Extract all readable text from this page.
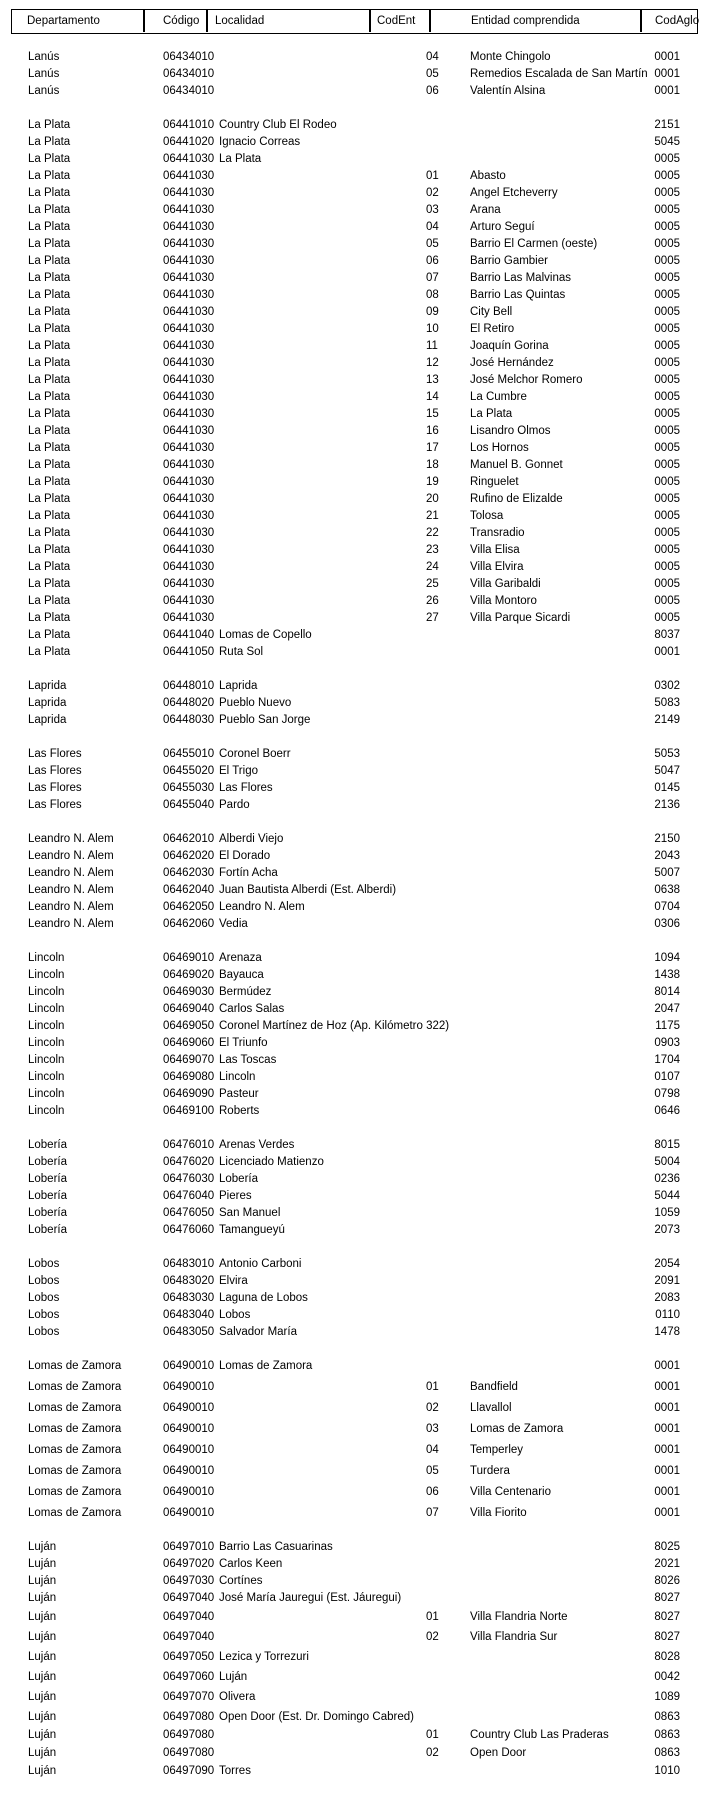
Departamento	Código Localidad	CodEnt	Entidad comprendida	CodAglo
Lanús	06434010	04	Monte Chingolo	0001
Lanús	06434010	05	Remedios Escalada de San Martín 0001
Lanús	06434010	06	Valentín Alsina	0001
La Plata	06441010 Country Club El Rodeo	2151
La Plata	06441020 Ignacio Correas	5045
La Plata	06441030 La Plata	0005
La Plata	06441030	01	Abasto	0005
La Plata	06441030	02	Angel Etcheverry	0005
La Plata	06441030	03	Arana	0005
La Plata	06441030	04	Arturo Seguí	0005
La Plata	06441030	05	Barrio El Carmen (oeste)	0005
La Plata	06441030	06	Barrio Gambier	0005
La Plata	06441030	07	Barrio Las Malvinas	0005
La Plata	06441030	08	Barrio Las Quintas	0005
La Plata	06441030	09	City Bell	0005
La Plata	06441030	10	El Retiro	0005
La Plata	06441030	11	Joaquín Gorina	0005
La Plata	06441030	12	José Hernández	0005
La Plata	06441030	13	José Melchor Romero	0005
La Plata	06441030	14	La Cumbre	0005
La Plata	06441030	15	La Plata	0005
La Plata	06441030	16	Lisandro Olmos	0005
La Plata	06441030	17	Los Hornos	0005
La Plata	06441030	18	Manuel B. Gonnet	0005
La Plata	06441030	19	Ringuelet	0005
La Plata	06441030	20	Rufino de Elizalde	0005
La Plata	06441030	21	Tolosa	0005
La Plata	06441030	22	Transradio	0005
La Plata	06441030	23	Villa Elisa	0005
La Plata	06441030	24	Villa Elvira	0005
La Plata	06441030	25	Villa Garibaldi	0005
La Plata	06441030	26	Villa Montoro	0005
La Plata	06441030	27	Villa Parque Sicardi	0005
La Plata	06441040 Lomas de Copello	8037
La Plata	06441050 Ruta Sol	0001
Laprida	06448010 Laprida	0302
Laprida	06448020 Pueblo Nuevo	5083
Laprida	06448030 Pueblo San Jorge	2149
Las Flores	06455010 Coronel Boerr	5053
Las Flores	06455020 El Trigo	5047
Las Flores	06455030 Las Flores	0145
Las Flores	06455040 Pardo	2136
Leandro N. Alem	06462010 Alberdi Viejo	2150
Leandro N. Alem	06462020 El Dorado	2043
Leandro N. Alem	06462030 Fortín Acha	5007
Leandro N. Alem	06462040 Juan Bautista Alberdi (Est. Alberdi)	0638
Leandro N. Alem	06462050 Leandro N. Alem	0704
Leandro N. Alem	06462060 Vedia	0306
Lincoln	06469010 Arenaza	1094
Lincoln	06469020 Bayauca	1438
Lincoln	06469030 Bermúdez	8014
Lincoln	06469040 Carlos Salas	2047
Lincoln	06469050 Coronel Martínez de Hoz (Ap. Kilómetro 322)	1175
Lincoln	06469060 El Triunfo	0903
Lincoln	06469070 Las Toscas	1704
Lincoln	06469080 Lincoln	0107
Lincoln	06469090 Pasteur	0798
Lincoln	06469100 Roberts	0646
Lobería	06476010 Arenas Verdes	8015
Lobería	06476020 Licenciado Matienzo	5004
Lobería	06476030 Lobería	0236
Lobería	06476040 Pieres	5044
Lobería	06476050 San Manuel	1059
Lobería	06476060 Tamangueyú	2073
Lobos	06483010 Antonio Carboni	2054
Lobos	06483020 Elvira	2091
Lobos	06483030 Laguna de Lobos	2083
Lobos	06483040 Lobos	0110
Lobos	06483050 Salvador María	1478
Lomas de Zamora	06490010 Lomas de Zamora	0001
Lomas de Zamora	06490010	01	Bandfield	0001
Lomas de Zamora	06490010	02	Llavallol	0001
Lomas de Zamora	06490010	03	Lomas de Zamora	0001
Lomas de Zamora	06490010	04	Temperley	0001
Lomas de Zamora	06490010	05	Turdera	0001
Lomas de Zamora	06490010	06	Villa Centenario	0001
Lomas de Zamora	06490010	07	Villa Fiorito	0001
Luján	06497010 Barrio Las Casuarinas	8025
Luján	06497020 Carlos Keen	2021
Luján	06497030 Cortínes	8026
Luján	06497040 José María Jauregui (Est. Jáuregui)	8027
Luján	06497040	01	Villa Flandria Norte	8027
Luján	06497040	02	Villa Flandria Sur	8027
Luján	06497050 Lezica y Torrezuri	8028
Luján	06497060 Luján	0042
Luján	06497070 Olivera	1089
Luján	06497080 Open Door (Est. Dr. Domingo Cabred)	0863
Luján	06497080	01	Country Club Las Praderas	0863
Luján	06497080	02	Open Door	0863
Luján	06497090 Torres	1010
